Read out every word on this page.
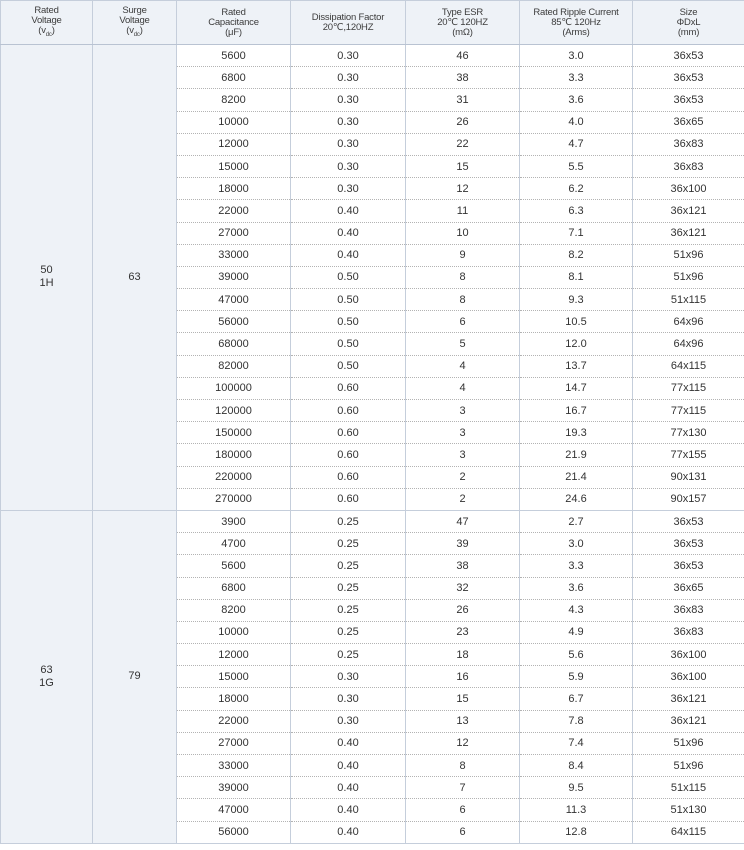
Rated
Voltage
$(v_{dc})$	Surge
Voltage
$(v_{dc})$	Rated
Capacitance
(μF)	Dissipation Factor
20℃,120HZ	Type ESR
20℃ 120HZ
(mΩ)	Rated Ripple Current
85℃ 120Hz
(Arms)	Size
ΦDxL
(mm)
50
1H	63	5600	0.30	46	3.0	36x53
		6800	0.30	38	3.3	36x53
		8200	0.30	31	3.6	36x53
		10000	0.30	26	4.0	36x65
		12000	0.30	22	4.7	36x83
		15000	0.30	15	5.5	36x83
		18000	0.30	12	6.2	36x100
		22000	0.40	11	6.3	36x121
		27000	0.40	10	7.1	36x121
		33000	0.40	9	8.2	51x96
		39000	0.50	8	8.1	51x96
		47000	0.50	8	9.3	51x115
		56000	0.50	6	10.5	64x96
		68000	0.50	5	12.0	64x96
		82000	0.50	4	13.7	64x115
		100000	0.60	4	14.7	77x115
		120000	0.60	3	16.7	77x115
		150000	0.60	3	19.3	77x130
		180000	0.60	3	21.9	77x155
		220000	0.60	2	21.4	90x131
		270000	0.60	2	24.6	90x157
63
1G	79	3900	0.25	47	2.7	36x53
		4700	0.25	39	3.0	36x53
		5600	0.25	38	3.3	36x53
		6800	0.25	32	3.6	36x65
		8200	0.25	26	4.3	36x83
		10000	0.25	23	4.9	36x83
		12000	0.25	18	5.6	36x100
		15000	0.30	16	5.9	36x100
		18000	0.30	15	6.7	36x121
		22000	0.30	13	7.8	36x121
		27000	0.40	12	7.4	51x96
		33000	0.40	8	8.4	51x96
		39000	0.40	7	9.5	51x115
		47000	0.40	6	11.3	51x130
		56000	0.40	6	12.8	64x115
